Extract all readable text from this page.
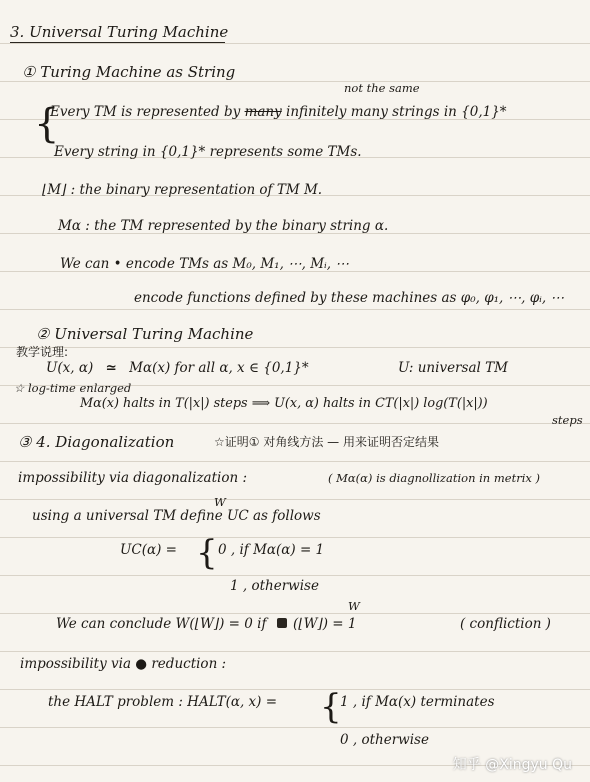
3. Universal Turing Machine
① Turing Machine as String
not the same
{
Every TM is represented by many infinitely many strings in {0,1}*
Every string in {0,1}* represents some TMs.
⌊M⌋ : the binary representation of TM M.
Mα : the TM represented by the binary string α.
We can • encode TMs as M₀, M₁, ⋯, Mᵢ, ⋯
encode functions defined by these machines as φ₀, φ₁, ⋯, φᵢ, ⋯
② Universal Turing Machine
教学说理:
U(x, α) ≃ Mα(x) for all α, x ∈ {0,1}*	U: universal TM
☆ log-time enlarged
Mα(x) halts in T(|x|) steps ⟹ U(x, α) halts in CT(|x|) log(T(|x|))
steps
③ 4. Diagonalization	☆证明① 对角线方法 — 用来证明否定结果
impossibility via diagonalization :	( Mα(α) is diagnollization in metrix )
W
using a universal TM define UC as follows
UC(α) = { 0 , if Mα(α) = 1
1 , otherwise
W
We can conclude W(⌊W⌋) = 0 if (⌊W⌋) = 1	( confliction )
impossibility via ● reduction :
the HALT problem : HALT(α, x) = {
1 , if Mα(x) terminates
0 , otherwise
知乎 @Xingyu Qu
